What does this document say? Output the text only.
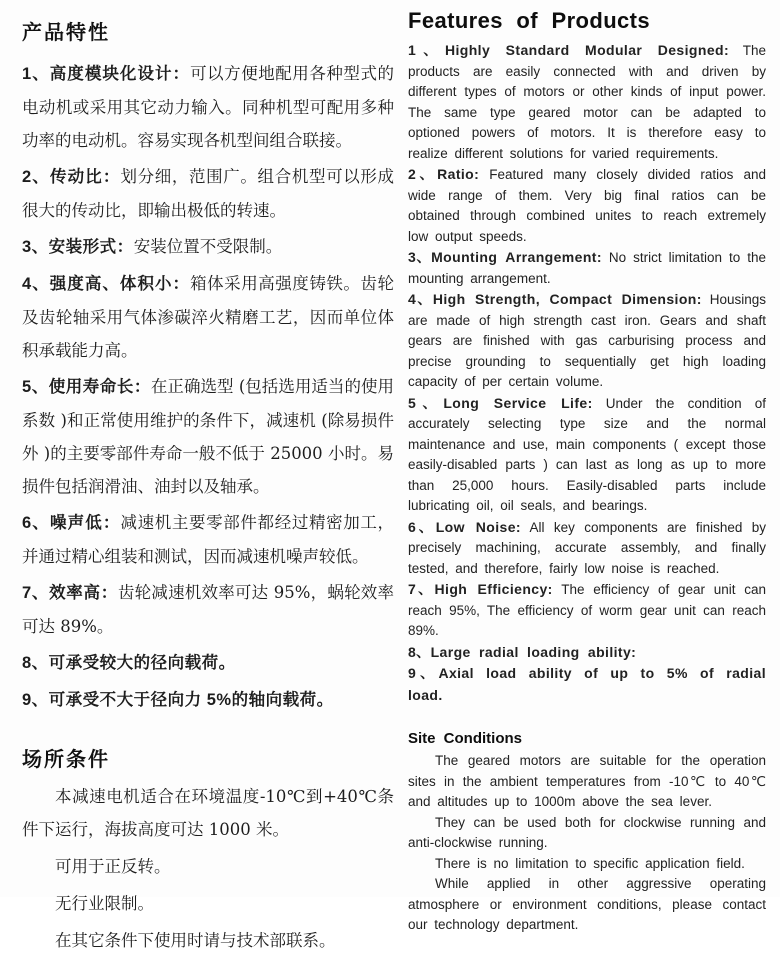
产品特性

1、高度模块化设计：可以方便地配用各种型式的电动机或采用其它动力输入。同种机型可配用多种功率的电动机。容易实现各机型间组合联接。

2、传动比：划分细，范围广。组合机型可以形成很大的传动比，即输出极低的转速。

3、安装形式：安装位置不受限制。

4、强度高、体积小：箱体采用高强度铸铁。齿轮及齿轮轴采用气体渗碳淬火精磨工艺，因而单位体积承载能力高。

5、使用寿命长：在正确选型 (包括选用适当的使用系数 )和正常使用维护的条件下，减速机 (除易损件外 )的主要零部件寿命一般不低于 25000 小时。易损件包括润滑油、油封以及轴承。

6、噪声低：减速机主要零部件都经过精密加工，并通过精心组装和测试，因而减速机噪声较低。

7、效率高：齿轮减速机效率可达 95%，蜗轮效率可达 89%。

8、可承受较大的径向载荷。

9、可承受不大于径向力 5%的轴向载荷。

场所条件

本减速电机适合在环境温度-10℃到+40℃条件下运行，海拔高度可达 1000 米。

可用于正反转。

无行业限制。

在其它条件下使用时请与技术部联系。

Features of Products

1、Highly Standard Modular Designed: The products are easily connected with and driven by different types of motors or other kinds of input power. The same type geared motor can be adapted to optioned powers of motors. It is therefore easy to realize different solutions for varied requirements.

2、Ratio: Featured many closely divided ratios and wide range of them. Very big final ratios can be obtained through combined unites to reach extremely low output speeds.

3、Mounting Arrangement: No strict limitation to the mounting arrangement.

4、High Strength, Compact Dimension: Housings are made of high strength cast iron. Gears and shaft gears are finished with gas carburising process and precise grounding to sequentially get high loading capacity of per certain volume.

5、Long Service Life: Under the condition of accurately selecting type size and the normal maintenance and use, main components ( except those easily-disabled parts ) can last as long as up to more than 25,000 hours. Easily-disabled parts include lubricating oil, oil seals, and bearings.

6、Low Noise: All key components are finished by precisely machining, accurate assembly, and finally tested, and therefore, fairly low noise is reached.

7、High Efficiency: The efficiency of gear unit can reach 95%, The efficiency of worm gear unit can reach 89%.

8、Large radial loading ability:

9、Axial load ability of up to 5% of radial load.

Site Conditions

The geared motors are suitable for the operation sites in the ambient temperatures from -10℃ to 40℃ and altitudes up to 1000m above the sea lever.

They can be used both for clockwise running and anti-clockwise running.

There is no limitation to specific application field.

While applied in other aggressive operating atmosphere or environment conditions, please contact our technology department.
